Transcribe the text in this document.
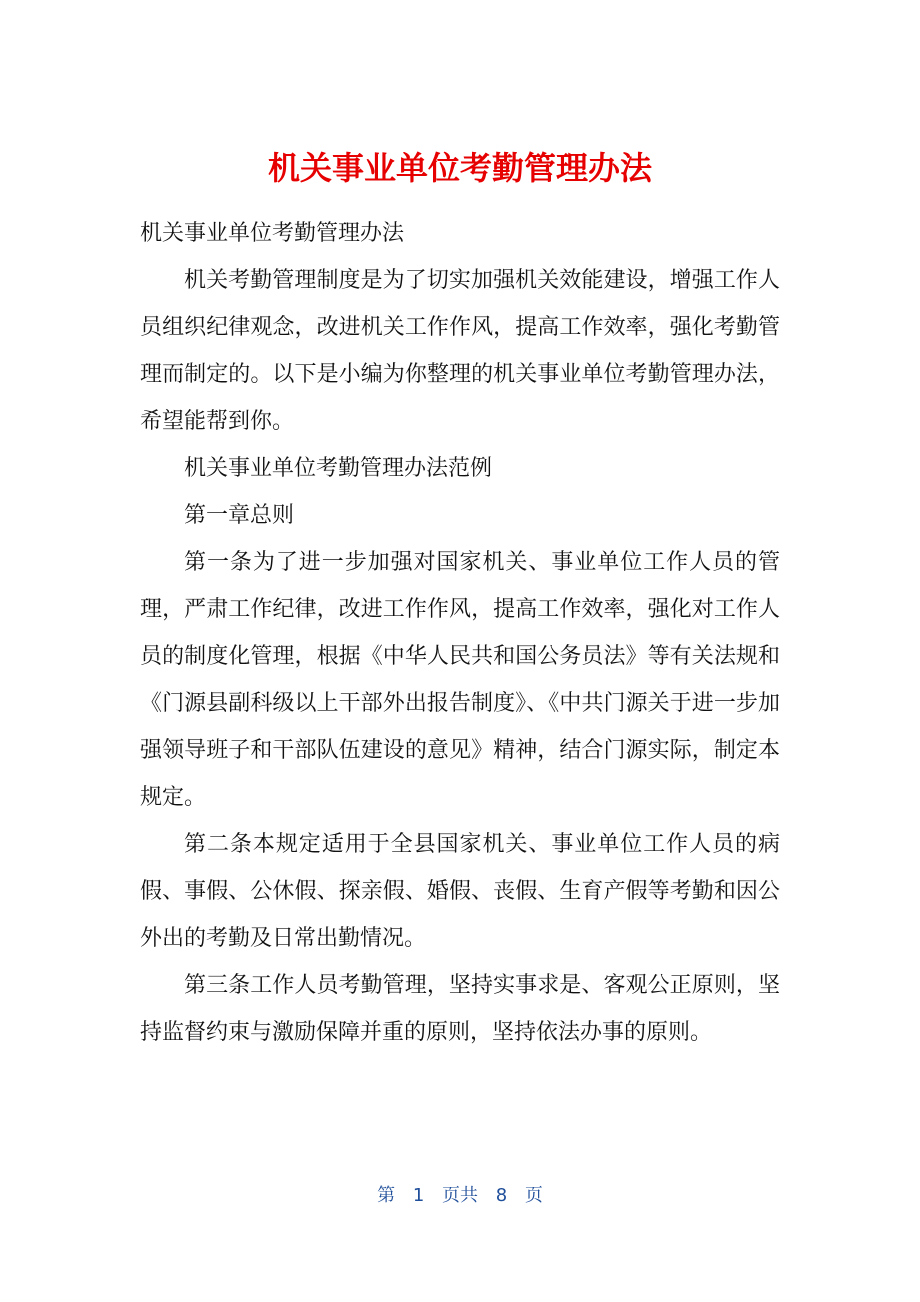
机关事业单位考勤管理办法

机关事业单位考勤管理办法

机关考勤管理制度是为了切实加强机关效能建设，增强工作人员组织纪律观念，改进机关工作作风，提高工作效率，强化考勤管理而制定的。以下是小编为你整理的机关事业单位考勤管理办法，希望能帮到你。

机关事业单位考勤管理办法范例

第一章总则

第一条为了进一步加强对国家机关、事业单位工作人员的管理，严肃工作纪律，改进工作作风，提高工作效率，强化对工作人员的制度化管理，根据《中华人民共和国公务员法》等有关法规和《门源县副科级以上干部外出报告制度》、《中共门源关于进一步加强领导班子和干部队伍建设的意见》精神，结合门源实际，制定本规定。

第二条本规定适用于全县国家机关、事业单位工作人员的病假、事假、公休假、探亲假、婚假、丧假、生育产假等考勤和因公外出的考勤及日常出勤情况。

第三条工作人员考勤管理，坚持实事求是、客观公正原则，坚持监督约束与激励保障并重的原则，坚持依法办事的原则。

第 1 页共 8 页
